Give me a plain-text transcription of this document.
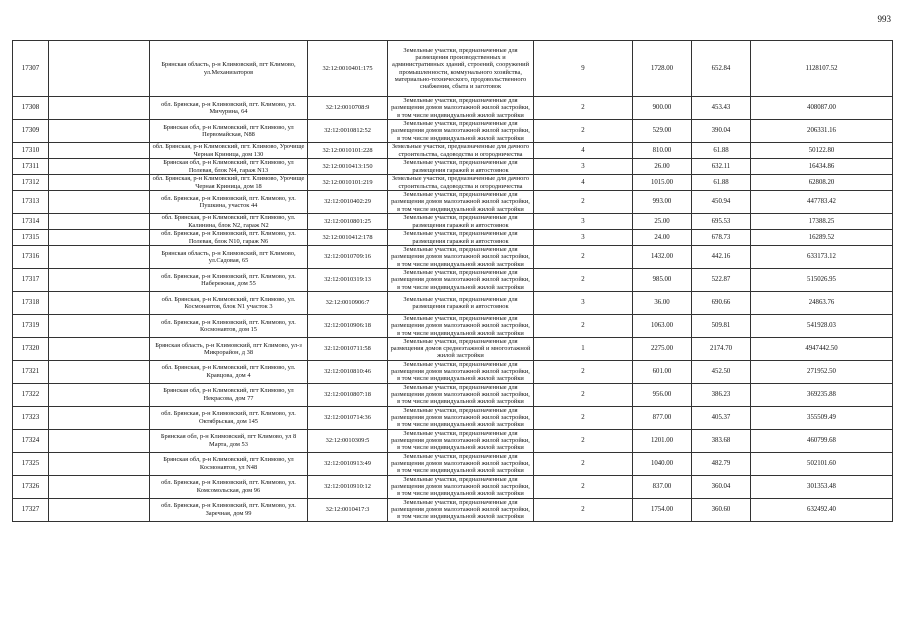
993
17307		Брянская область, р-н Климовский, пгт Климово, ул.Механизаторов	32:12:0010401:175	Земельные участки, предназначенные для размещения производственных и административных зданий, строений, сооружений промышленности, коммунального хозяйства, материально-технического, продовольственного снабжения, сбыта и заготовок	9	1728.00	652.84	1128107.52
17308		обл. Брянская, р-н Климовский, пгт. Климово, ул. Мичурина, 64	32:12:0010708:9	Земельные участки, предназначенные для размещения домов малоэтажной жилой застройки, в том числе индивидуальной жилой застройки	2	900.00	453.43	408087.00
17309		Брянская обл, р-н Климовский, пгт Климово, ул Первомайская, N88	32:12:0010812:52	Земельные участки, предназначенные для размещения домов малоэтажной жилой застройки, в том числе индивидуальной жилой застройки	2	529.00	390.04	206331.16
17310		обл. Брянская, р-н Климовский, пгт. Климово, Урочище Черная Криница, дом 130	32:12:0010101:228	Земельные участки, предназначенные для дачного строительства, садоводства и огородничества	4	810.00	61.88	50122.80
17311		Брянская обл, р-н Климовский, пгт Климово, ул Полевая, блок N4, гараж N13	32:12:0010413:150	Земельные участки, предназначенные для размещения гаражей и автостоянок	3	26.00	632.11	16434.86
17312		обл. Брянская, р-н Климовский, пгт. Климово, Урочище Черная Криница, дом 18	32:12:0010101:219	Земельные участки, предназначенные для дачного строительства, садоводства и огородничества	4	1015.00	61.88	62808.20
17313		обл. Брянская, р-н Климовский, пгт. Климово, ул. Пушкина, участок 44	32:12:0010402:29	Земельные участки, предназначенные для размещения домов малоэтажной жилой застройки, в том числе индивидуальной жилой застройки	2	993.00	450.94	447783.42
17314		обл. Брянская, р-н Климовский, пгт Климово, ул. Калинина, блок N2, гараж N2	32:12:0010801:25	Земельные участки, предназначенные для размещения гаражей и автостоянок	3	25.00	695.53	17388.25
17315		обл. Брянская, р-н Климовский, пгт. Климово, ул. Полевая, блок N10, гараж N6	32:12:0010412:178	Земельные участки, предназначенные для размещения гаражей и автостоянок	3	24.00	678.73	16289.52
17316		Брянская область, р-н Климовский, пгт Климово, ул.Садовая, 65	32:12:0010709:16	Земельные участки, предназначенные для размещения домов малоэтажной жилой застройки, в том числе индивидуальной жилой застройки	2	1432.00	442.16	633173.12
17317		обл. Брянская, р-н Климовский, пгт. Климово, ул. Набережная, дом 55	32:12:0010319:13	Земельные участки, предназначенные для размещения домов малоэтажной жилой застройки, в том числе индивидуальной жилой застройки	2	985.00	522.87	515026.95
17318		обл. Брянская, р-н Климовский, пгт Климово, ул. Космонавтов, блок N1 участок 3	32:12:0010906:7	Земельные участки, предназначенные для размещения гаражей и автостоянок	3	36.00	690.66	24863.76
17319		обл. Брянская, р-н Климовский, пгт. Климово, ул. Космонавтов, дом 15	32:12:0010906:18	Земельные участки, предназначенные для размещения домов малоэтажной жилой застройки, в том числе индивидуальной жилой застройки	2	1063.00	509.81	541928.03
17320		Брянская область, р-н Климовский, пгт Климово, ул-з Микрорайон, д 38	32:12:0010711:58	Земельные участки, предназначенные для размещения домов среднеэтажной и многоэтажной жилой застройки	1	2275.00	2174.70	4947442.50
17321		обл. Брянская, р-н Климовский, пгт Климово, ул. Кравцова, дом 4	32:12:0010810:46	Земельные участки, предназначенные для размещения домов малоэтажной жилой застройки, в том числе индивидуальной жилой застройки	2	601.00	452.50	271952.50
17322		Брянская обл, р-н Климовский, пгт Климово, ул Некрасова, дом 77	32:12:0010807:18	Земельные участки, предназначенные для размещения домов малоэтажной жилой застройки, в том числе индивидуальной жилой застройки	2	956.00	386.23	369235.88
17323		обл. Брянская, р-н Климовский, пгт. Климово, ул. Октябрьская, дом 145	32:12:0010714:36	Земельные участки, предназначенные для размещения домов малоэтажной жилой застройки, в том числе индивидуальной жилой застройки	2	877.00	405.37	355509.49
17324		Брянская обл, р-н Климовский, пгт Климово, ул 8 Марта, дом 53	32:12:0010309:5	Земельные участки, предназначенные для размещения домов малоэтажной жилой застройки, в том числе индивидуальной жилой застройки	2	1201.00	383.68	460799.68
17325		Брянская обл, р-н Климовский, пгт Климово, ул Космонавтов, ул N48	32:12:0010913:49	Земельные участки, предназначенные для размещения домов малоэтажной жилой застройки, в том числе индивидуальной жилой застройки	2	1040.00	482.79	502101.60
17326		обл. Брянская, р-н Климовский, пгт. Климово, ул. Комсомольская, дом 96	32:12:0010910:12	Земельные участки, предназначенные для размещения домов малоэтажной жилой застройки, в том числе индивидуальной жилой застройки	2	837.00	360.04	301353.48
17327		обл. Брянская, р-н Климовский, пгт. Климово, ул. Заречная, дом 99	32:12:0010417:3	Земельные участки, предназначенные для размещения домов малоэтажной жилой застройки, в том числе индивидуальной жилой застройки	2	1754.00	360.60	632492.40
